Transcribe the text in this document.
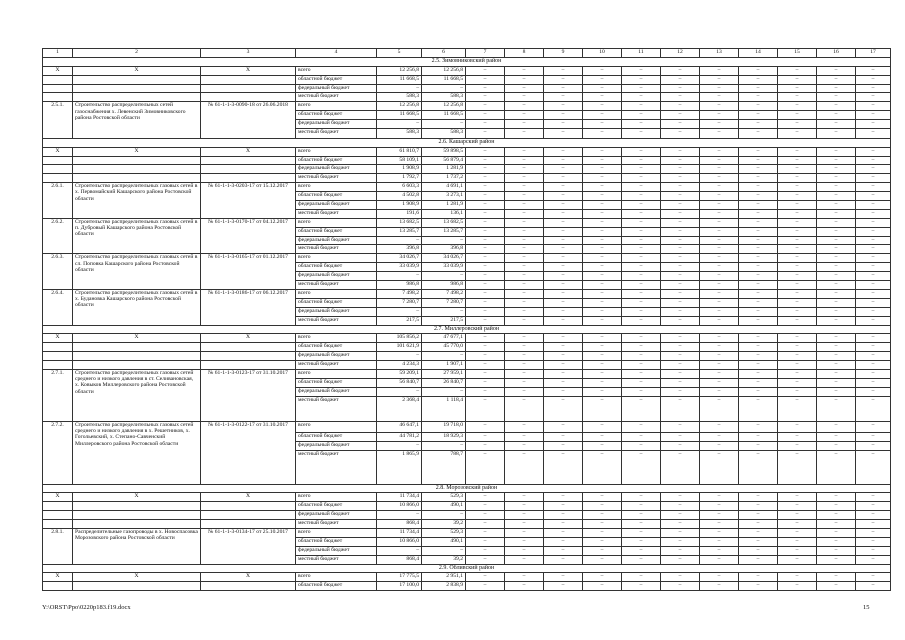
1	2	3	4	5	6	7	8	9	10	11	12	13	14	15	16	17
2.5. Зимовниковский район																
X	X	X	всего	12 256,8	12 256,8	–	–	–	–	–	–	–	–	–	–	–
			областной бюджет	11 668,5	11 668,5	–	–	–	–	–	–	–	–	–	–	–
			федеральный бюджет	–	–	–	–	–	–	–	–	–	–	–	–	–
			местный бюджет	588,3	588,3	–	–	–	–	–	–	–	–	–	–	–
2.5.1.	Строительство распределительных сетей газоснабжения х. Левенский Зимовниковского района Ростовской области	№ 61-1-1-3-0090-18 от 26.06.2018	всего	12 256,8	12 256,8	–	–	–	–	–	–	–	–	–	–	–
			областной бюджет	11 668,5	11 668,5	–	–	–	–	–	–	–	–	–	–	–
			федеральный бюджет	–	–	–	–	–	–	–	–	–	–	–	–	–
			местный бюджет	588,3	588,3	–	–	–	–	–	–	–	–	–	–	–
2.6. Кашарский район																
X	X	X	всего	61 810,7	59 898,5	–	–	–	–	–	–	–	–	–	–	–
			областной бюджет	58 109,1	56 879,4	–	–	–	–	–	–	–	–	–	–	–
			федеральный бюджет	1 908,9	1 281,9	–	–	–	–	–	–	–	–	–	–	–
			местный бюджет	1 792,7	1 737,2	–	–	–	–	–	–	–	–	–	–	–
2.6.1.	Строительство распределительных газовых сетей в х. Первомайский Кашарского района Ростовской области	№ 61-1-1-3-0203-17 от 15.12.2017	всего	6 603,3	4 691,1	–	–	–	–	–	–	–	–	–	–	–
			областной бюджет	4 502,8	3 273,1	–	–	–	–	–	–	–	–	–	–	–
			федеральный бюджет	1 908,9	1 281,9	–	–	–	–	–	–	–	–	–	–	–
			местный бюджет	191,6	136,1	–	–	–	–	–	–	–	–	–	–	–
2.6.2.	Строительство распределительных газовых сетей в п. Дубровый Кашарского района Ростовской области	№ 61-1-1-3-0170-17 от 04.12.2017	всего	13 682,5	13 682,5	–	–	–	–	–	–	–	–	–	–	–
			областной бюджет	13 285,7	13 285,7	–	–	–	–	–	–	–	–	–	–	–
			федеральный бюджет	–	–	–	–	–	–	–	–	–	–	–	–	–
			местный бюджет	396,8	396,8	–	–	–	–	–	–	–	–	–	–	–
2.6.3.	Строительство распределительных газовых сетей в сл. Поповка Кашарского района Ростовской области	№ 61-1-1-3-0165-17 от 01.12.2017	всего	34 026,7	34 026,7	–	–	–	–	–	–	–	–	–	–	–
			областной бюджет	33 039,9	33 039,9	–	–	–	–	–	–	–	–	–	–	–
			федеральный бюджет	–	–	–	–	–	–	–	–	–	–	–	–	–
			местный бюджет	986,8	986,8	–	–	–	–	–	–	–	–	–	–	–
2.6.4.	Строительство распределительных газовых сетей в х. Будановка Кашарского района Ростовской области	№ 61-1-1-3-0186-17 от 06.12.2017	всего	7 498,2	7 498,2	–	–	–	–	–	–	–	–	–	–	–
			областной бюджет	7 280,7	7 280,7	–	–	–	–	–	–	–	–	–	–	–
			федеральный бюджет	–	–	–	–	–	–	–	–	–	–	–	–	–
			местный бюджет	217,5	217,5	–	–	–	–	–	–	–	–	–	–	–
2.7. Миллеровский район																
X	X	X	всего	105 856,2	47 677,1	–	–	–	–	–	–	–	–	–	–	–
			областной бюджет	101 621,9	45 770,0	–	–	–	–	–	–	–	–	–	–	–
			федеральный бюджет	–	–	–	–	–	–	–	–	–	–	–	–	–
			местный бюджет	4 234,3	1 907,1	–	–	–	–	–	–	–	–	–	–	–
2.7.1.	Строительство распределительных газовых сетей среднего и низкого давления в ст. Селивановская, х. Ковыков Миллеровского района Ростовской области	№ 61-1-1-3-0123-17 от 31.10.2017	всего	59 209,1	27 959,1	–	–	–	–	–	–	–	–	–	–	–
			областной бюджет	56 840,7	26 840,7	–	–	–	–	–	–	–	–	–	–	–
			федеральный бюджет	–	–	–	–	–	–	–	–	–	–	–	–	–
			местный бюджет	2 368,4	1 118,4	–	–	–	–	–	–	–	–	–	–	–
2.7.2.	Строительство распределительных газовых сетей среднего и низкого давления в х. Решетников, х. Гогольевский, х. Степано-Савченский Миллеровского района Ростовской области	№ 61-1-1-3-0122-17 от 31.10.2017	всего	46 647,1	19 718,0	–	–	–	–	–	–	–	–	–	–	–
			областной бюджет	44 781,2	18 929,3	–	–	–	–	–	–	–	–	–	–	–
			федеральный бюджет	–	–	–	–	–	–	–	–	–	–	–	–	–
			местный бюджет	1 865,9	788,7	–	–	–	–	–	–	–	–	–	–	–
2.8. Морозовский район																
X	X	X	всего	11 734,4	529,3	–	–	–	–	–	–	–	–	–	–	–
			областной бюджет	10 866,0	490,1	–	–	–	–	–	–	–	–	–	–	–
			федеральный бюджет	–	–	–	–	–	–	–	–	–	–	–	–	–
			местный бюджет	868,4	39,2	–	–	–	–	–	–	–	–	–	–	–
2.8.1.	Распределительные газопроводы в х. Новоспасовка Морозовского района Ростовской области	№ 61-1-1-3-0134-17 от 25.10.2017	всего	11 734,4	529,3	–	–	–	–	–	–	–	–	–	–	–
			областной бюджет	10 866,0	490,1	–	–	–	–	–	–	–	–	–	–	–
			федеральный бюджет	–	–	–	–	–	–	–	–	–	–	–	–	–
			местный бюджет	868,4	39,2	–	–	–	–	–	–	–	–	–	–	–
2.9. Обливский район																
X	X	X	всего	17 775,5	2 951,1	–	–	–	–	–	–	–	–	–	–	–
			областной бюджет	17 100,0	2 838,9	–	–	–	–	–	–	–	–	–	–	–
Y:\ORST\Ppo\0220p183.f19.docx	15
